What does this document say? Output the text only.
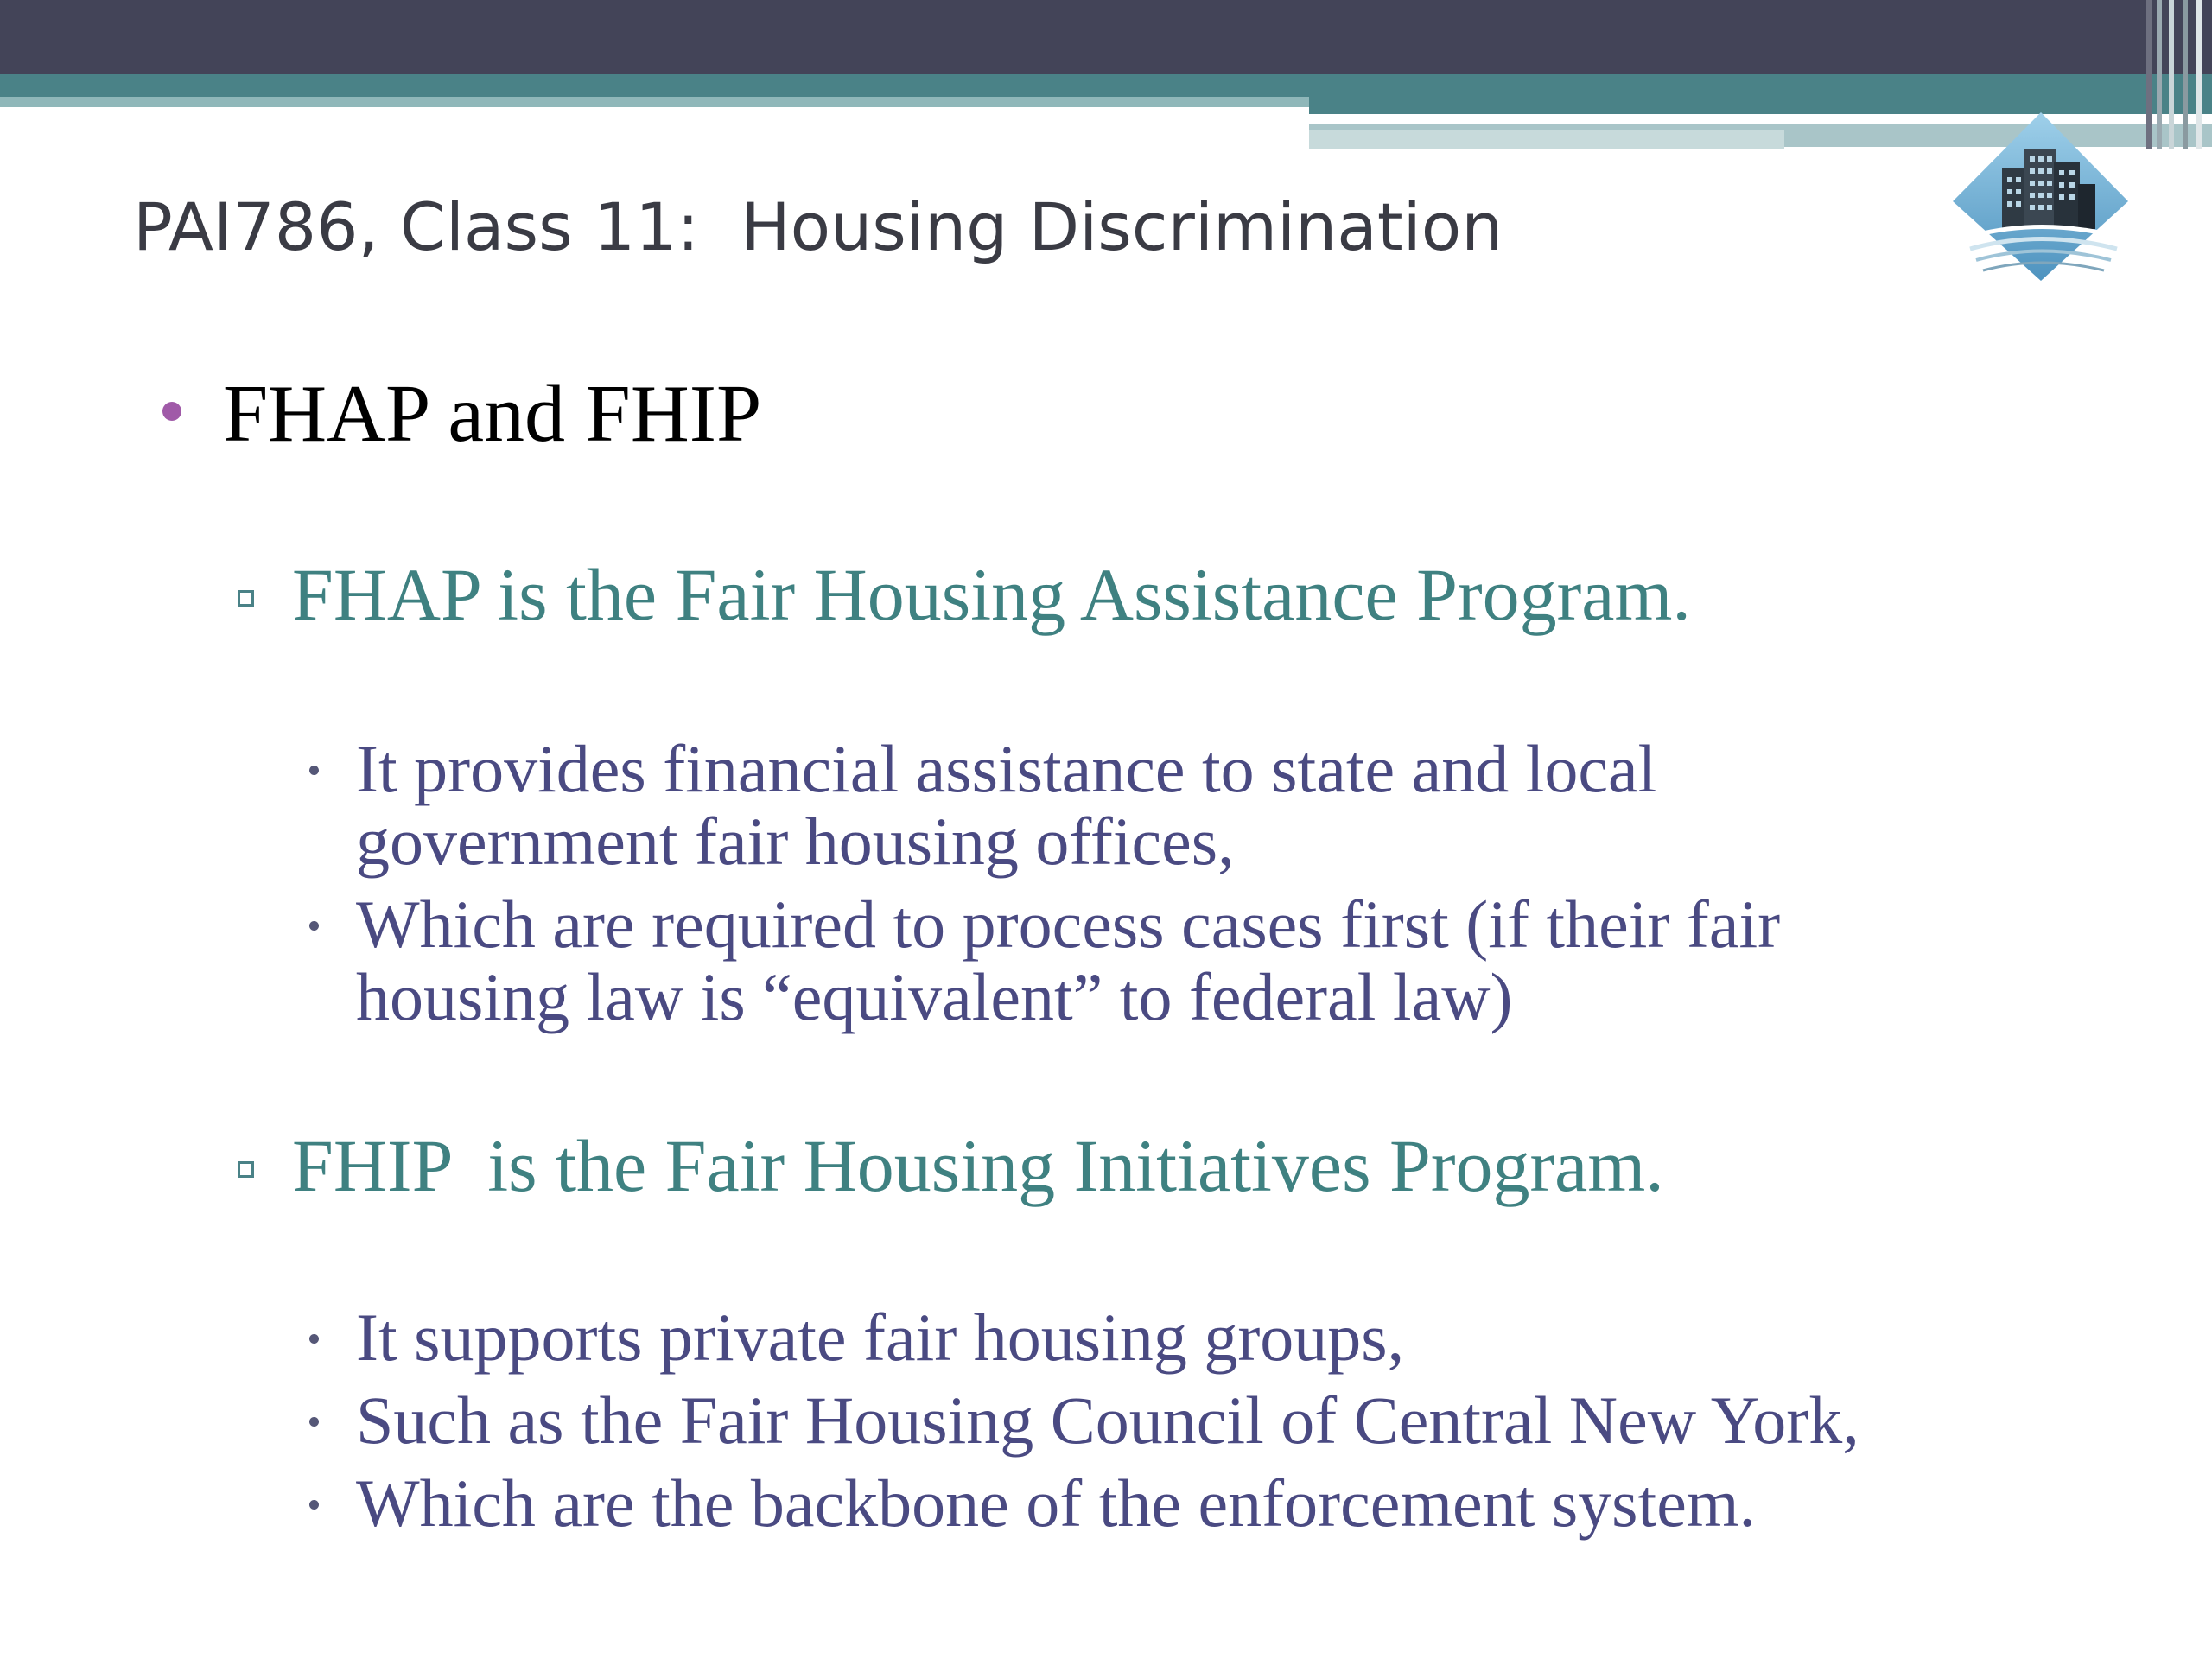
PAI786, Class 11:  Housing Discrimination
FHAP and FHIP
FHAP is the Fair Housing Assistance Program.
It provides financial assistance to state and local
government fair housing offices,
Which are required to process cases first (if their fair
housing law is “equivalent” to federal law)
FHIP  is the Fair Housing Initiatives Program.
It supports private fair housing groups,
Such as the Fair Housing Council of Central New York,
Which are the backbone of the enforcement system.
